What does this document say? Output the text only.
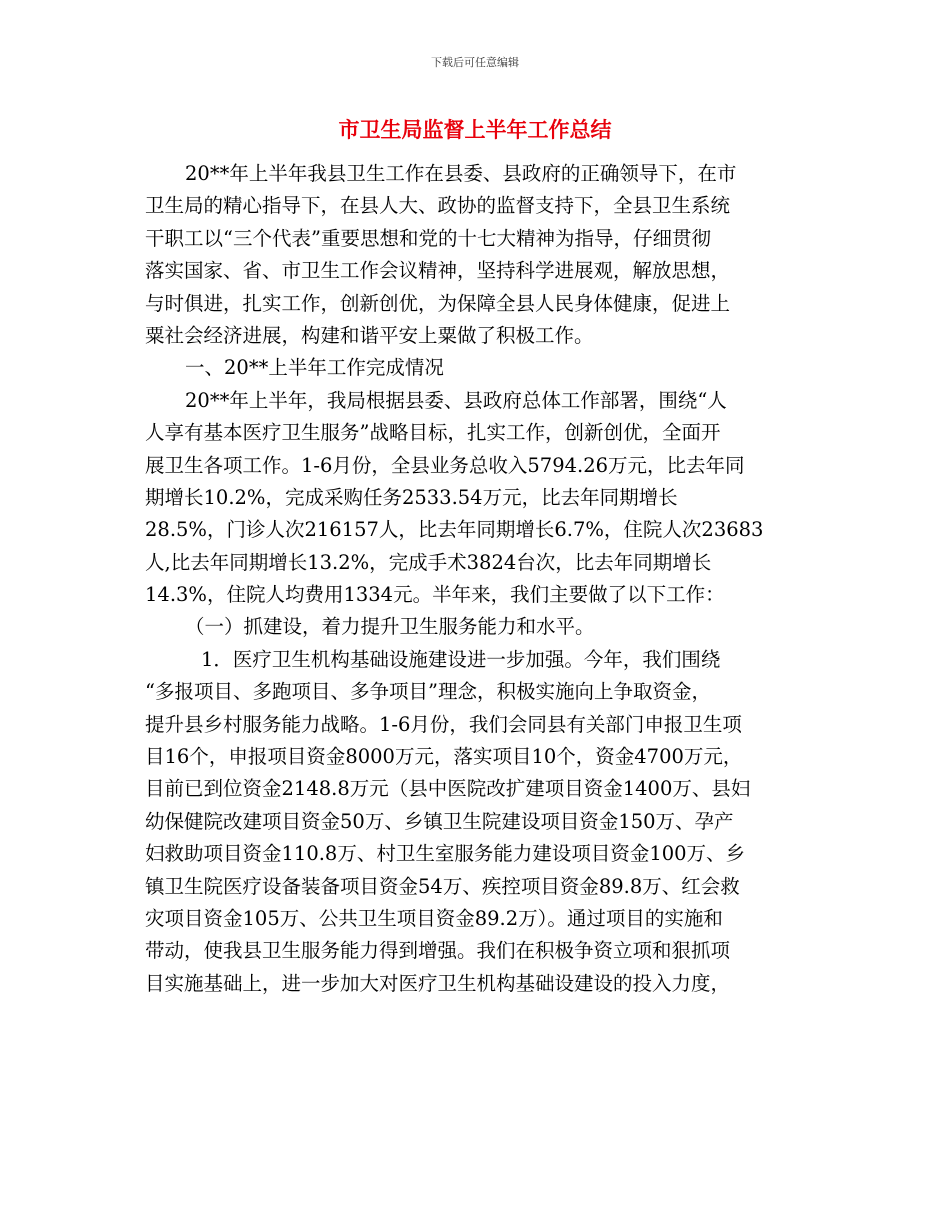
下载后可任意编辑
市卫生局监督上半年工作总结
20**年上半年我县卫生工作在县委、县政府的正确领导下，在市
卫生局的精心指导下，在县人大、政协的监督支持下，全县卫生系统
干职工以“三个代表”重要思想和党的十七大精神为指导，仔细贯彻
落实国家、省、市卫生工作会议精神，坚持科学进展观，解放思想，
与时俱进，扎实工作，创新创优，为保障全县人民身体健康，促进上
粟社会经济进展，构建和谐平安上粟做了积极工作。
一、20**上半年工作完成情况
20**年上半年，我局根据县委、县政府总体工作部署，围绕“人
人享有基本医疗卫生服务”战略目标，扎实工作，创新创优，全面开
展卫生各项工作。1-6月份，全县业务总收入5794.26万元，比去年同
期增长10.2%，完成采购任务2533.54万元，比去年同期增长
28.5%，门诊人次216157人，比去年同期增长6.7%，住院人次23683
人,比去年同期增长13.2%，完成手术3824台次，比去年同期增长
14.3%，住院人均费用1334元。半年来，我们主要做了以下工作：
（一）抓建设，着力提升卫生服务能力和水平。
1．医疗卫生机构基础设施建设进一步加强。今年，我们围绕
“多报项目、多跑项目、多争项目”理念，积极实施向上争取资金，
提升县乡村服务能力战略。1-6月份，我们会同县有关部门申报卫生项
目16个，申报项目资金8000万元，落实项目10个，资金4700万元，
目前已到位资金2148.8万元（县中医院改扩建项目资金1400万、县妇
幼保健院改建项目资金50万、乡镇卫生院建设项目资金150万、孕产
妇救助项目资金110.8万、村卫生室服务能力建设项目资金100万、乡
镇卫生院医疗设备装备项目资金54万、疾控项目资金89.8万、红会救
灾项目资金105万、公共卫生项目资金89.2万）。通过项目的实施和
带动，使我县卫生服务能力得到增强。我们在积极争资立项和狠抓项
目实施基础上，进一步加大对医疗卫生机构基础设建设的投入力度，
